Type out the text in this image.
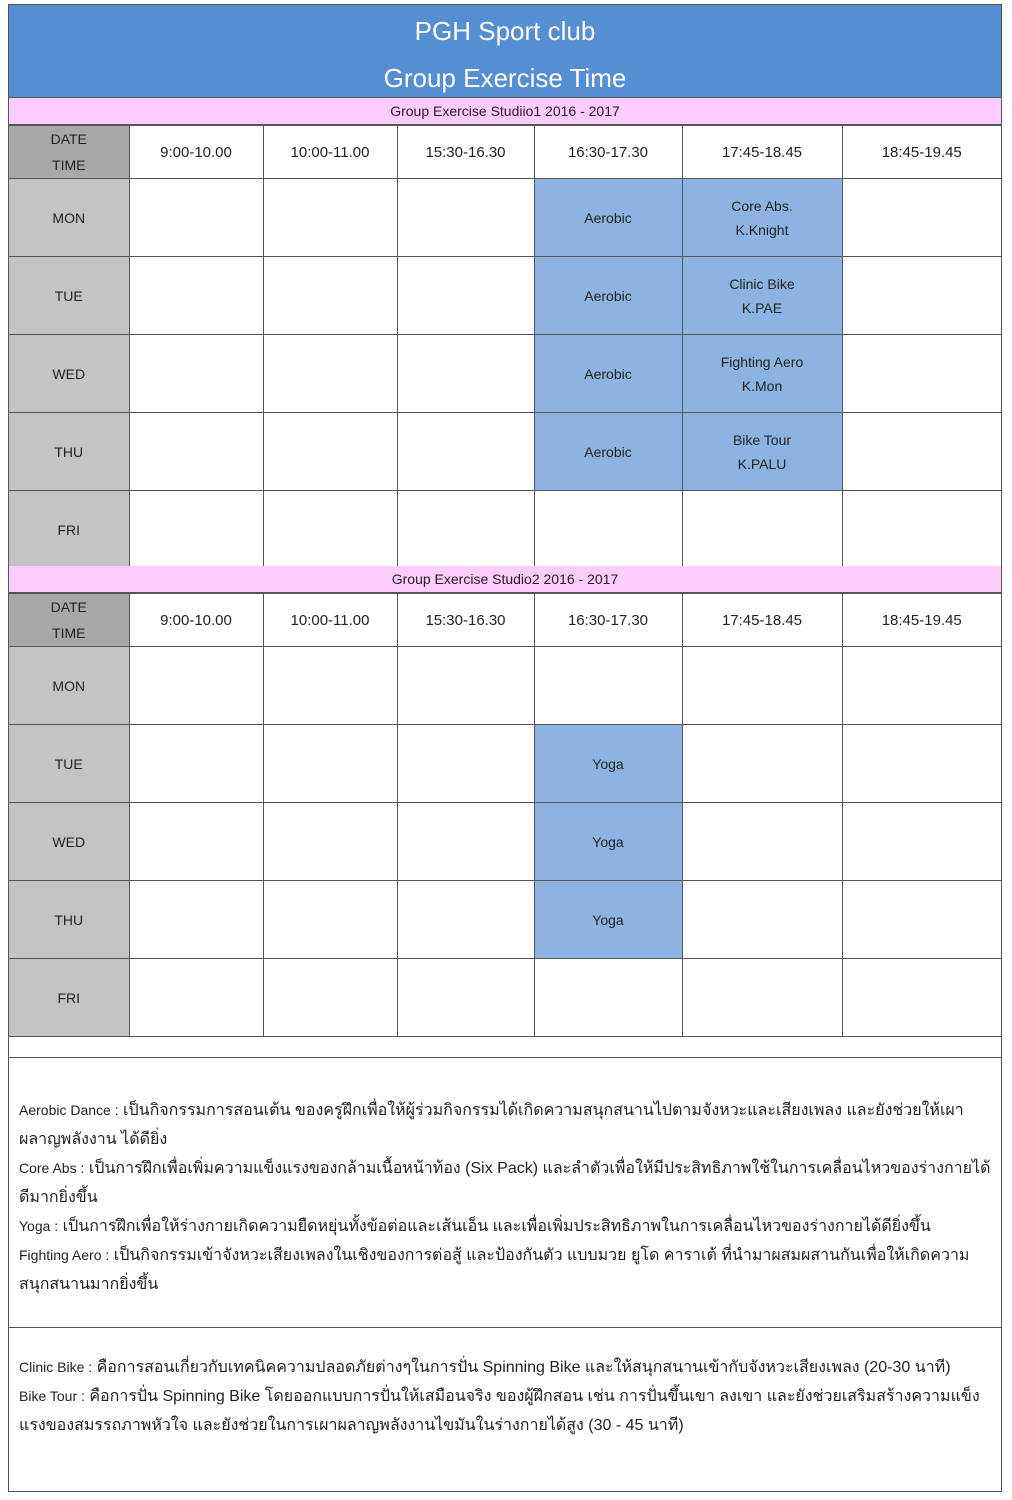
PGH Sport club
Group Exercise Time
Group Exercise Studiio1 2016 - 2017
DATE
TIME	9:00-10.00	10:00-11.00	15:30-16.30	16:30-17.30	17:45-18.45	18:45-19.45
MON				Aerobic	Core Abs.
K.Knight	

TUE				Aerobic	Clinic Bike
K.PAE	

WED				Aerobic	Fighting Aero
K.Mon	

THU				Aerobic	Bike Tour
K.PALU	

FRI						
Group Exercise Studio2 2016 - 2017
DATE
TIME	9:00-10.00	10:00-11.00	15:30-16.30	16:30-17.30	17:45-18.45	18:45-19.45
MON						
TUE				Yoga		

WED				Yoga		

THU				Yoga		

FRI						
Aerobic Dance : เป็นกิจกรรมการสอนเต้น ของครูฝึกเพื่อให้ผู้ร่วมกิจกรรมได้เกิดความสนุกสนานไปตามจังหวะและเสียงเพลง และยังช่วยให้เผาผลาญพลังงาน ได้ดียิ่ง
Core Abs : เป็นการฝึกเพื่อเพิ่มความแข็งแรงของกล้ามเนื้อหน้าท้อง (Six Pack) และลำตัวเพื่อให้มีประสิทธิภาพใช้ในการเคลื่อนไหวของร่างกายได้ดีมากยิ่งขึ้น
Yoga : เป็นการฝึกเพื่อให้ร่างกายเกิดความยืดหยุ่นทั้งข้อต่อและเส้นเอ็น และเพื่อเพิ่มประสิทธิภาพในการเคลื่อนไหวของร่างกายได้ดียิ่งขึ้น
Fighting Aero : เป็นกิจกรรมเข้าจังหวะเสียงเพลงในเชิงของการต่อสู้ และป้องกันตัว แบบมวย ยูโด คาราเต้ ที่นำมาผสมผสานกันเพื่อให้เกิดความสนุกสนานมากยิ่งขึ้น
Clinic Bike : คือการสอนเกี่ยวกับเทคนิคความปลอดภัยต่างๆในการปั่น Spinning Bike และให้สนุกสนานเข้ากับจังหวะเสียงเพลง (20-30 นาที)
Bike Tour : คือการปั่น Spinning Bike โดยออกแบบการปั่นให้เสมือนจริง ของผู้ฝึกสอน เช่น การปั่นขึ้นเขา ลงเขา และยังช่วยเสริมสร้างความแข็งแรงของสมรรถภาพหัวใจ และยังช่วยในการเผาผลาญพลังงานไขมันในร่างกายได้สูง (30 - 45 นาที)
